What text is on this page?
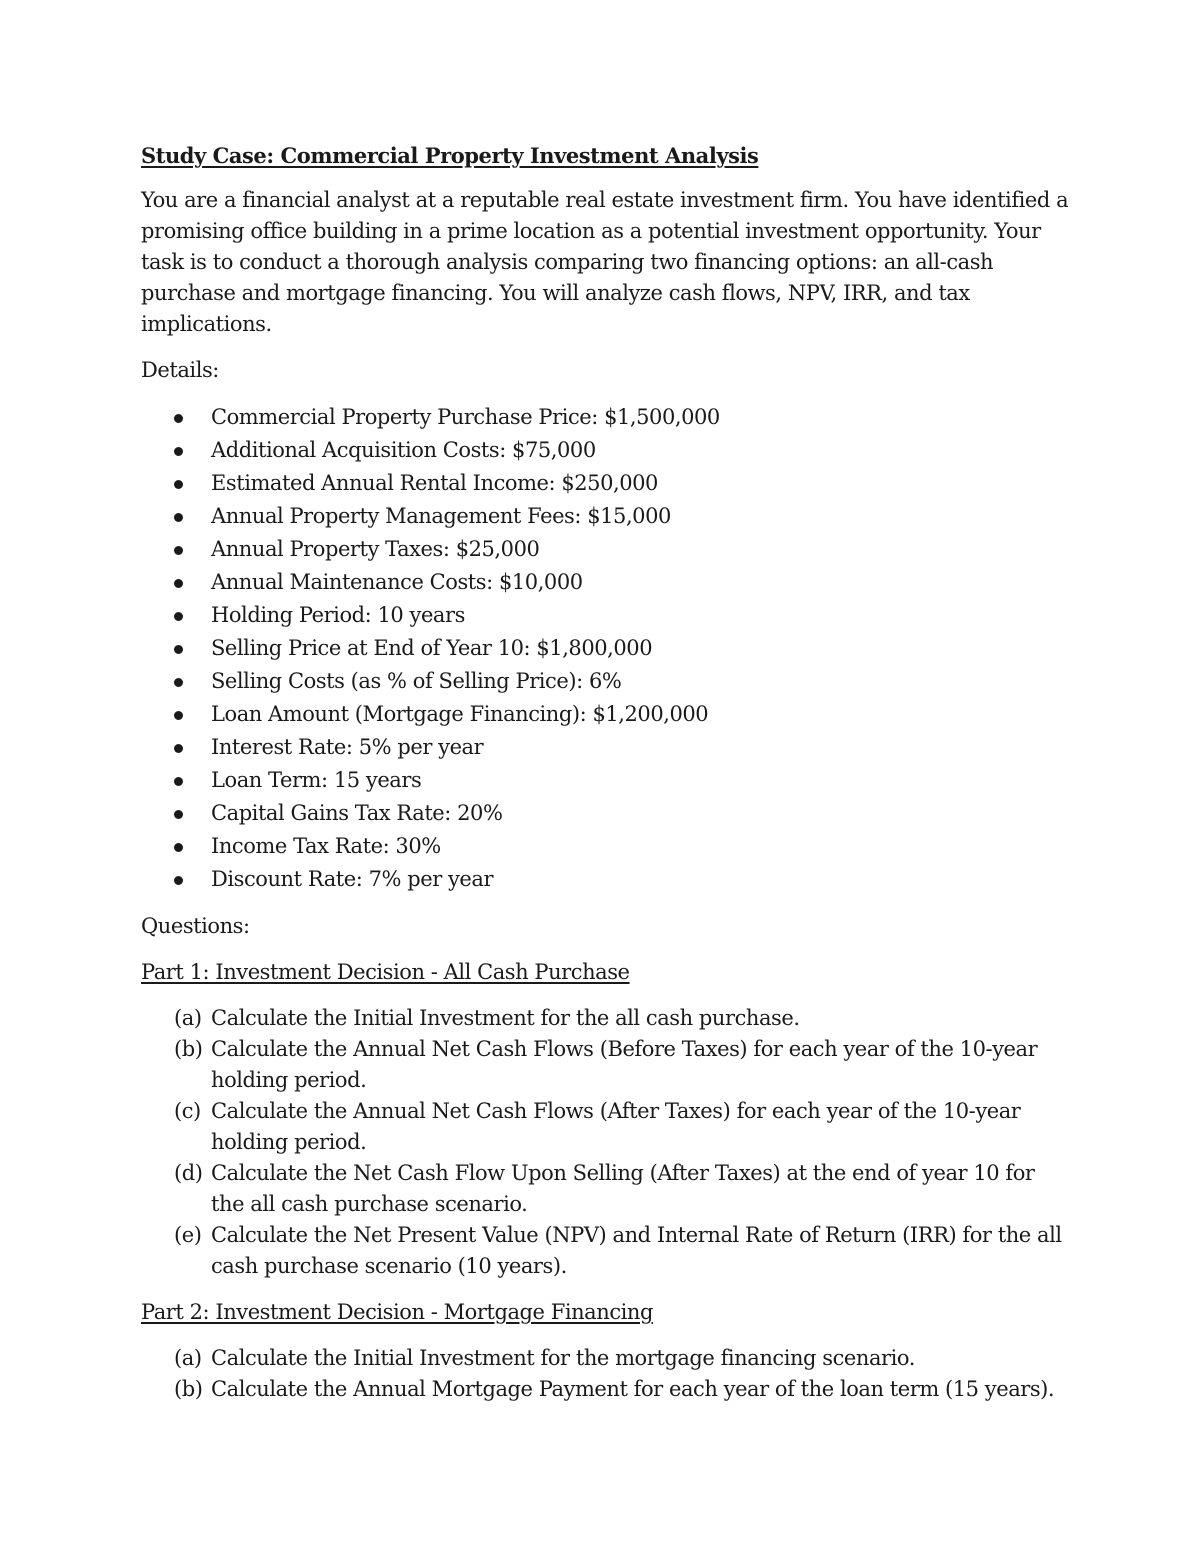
Study Case: Commercial Property Investment Analysis

You are a financial analyst at a reputable real estate investment firm. You have identified a promising office building in a prime location as a potential investment opportunity. Your task is to conduct a thorough analysis comparing two financing options: an all-cash purchase and mortgage financing. You will analyze cash flows, NPV, IRR, and tax implications.

Details:

Commercial Property Purchase Price: $1,500,000
Additional Acquisition Costs: $75,000
Estimated Annual Rental Income: $250,000
Annual Property Management Fees: $15,000
Annual Property Taxes: $25,000
Annual Maintenance Costs: $10,000
Holding Period: 10 years
Selling Price at End of Year 10: $1,800,000
Selling Costs (as % of Selling Price): 6%
Loan Amount (Mortgage Financing): $1,200,000
Interest Rate: 5% per year
Loan Term: 15 years
Capital Gains Tax Rate: 20%
Income Tax Rate: 30%
Discount Rate: 7% per year

Questions:

Part 1: Investment Decision - All Cash Purchase
(a) Calculate the Initial Investment for the all cash purchase.
(b) Calculate the Annual Net Cash Flows (Before Taxes) for each year of the 10-year holding period.
(c) Calculate the Annual Net Cash Flows (After Taxes) for each year of the 10-year holding period.
(d) Calculate the Net Cash Flow Upon Selling (After Taxes) at the end of year 10 for the all cash purchase scenario.
(e) Calculate the Net Present Value (NPV) and Internal Rate of Return (IRR) for the all cash purchase scenario (10 years).
Part 2: Investment Decision - Mortgage Financing
(a) Calculate the Initial Investment for the mortgage financing scenario.
(b) Calculate the Annual Mortgage Payment for each year of the loan term (15 years).
